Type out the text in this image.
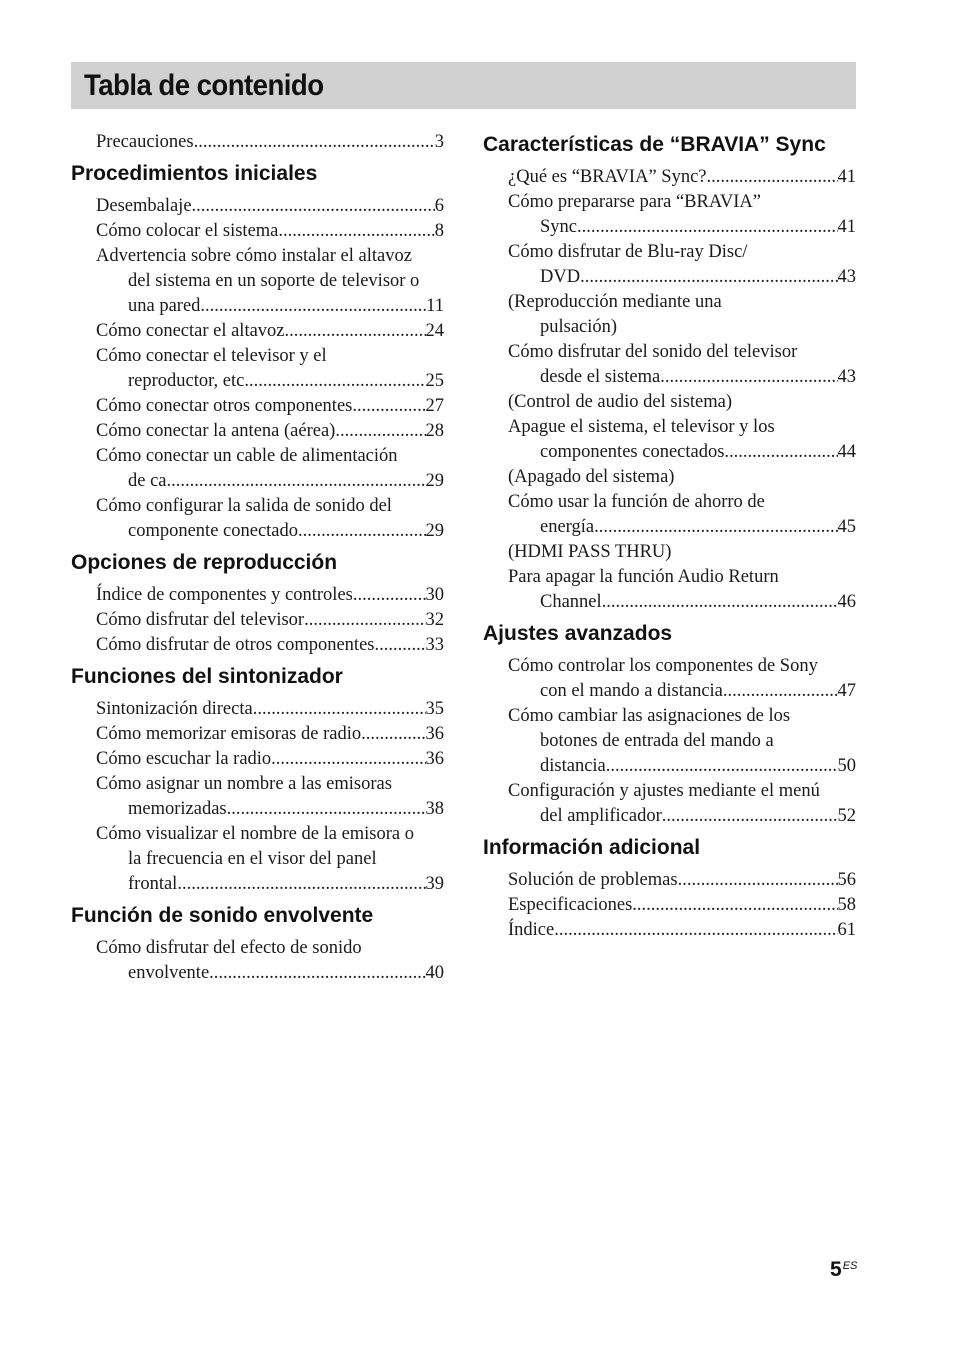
Tabla de contenido
Precauciones .....	3
Procedimientos iniciales
Desembalaje .....	6
Cómo colocar el sistema .....	8
Advertencia sobre cómo instalar el altavoz
del sistema en un soporte de televisor o
una pared .....	11
Cómo conectar el altavoz .....	24
Cómo conectar el televisor y el
reproductor, etc. .....	25
Cómo conectar otros componentes .....	27
Cómo conectar la antena (aérea) .....	28
Cómo conectar un cable de alimentación
de ca .....	29
Cómo configurar la salida de sonido del
componente conectado .....	29
Opciones de reproducción
Índice de componentes y controles .....	30
Cómo disfrutar del televisor .....	32
Cómo disfrutar de otros componentes .....	33
Funciones del sintonizador
Sintonización directa .....	35
Cómo memorizar emisoras de radio .....	36
Cómo escuchar la radio .....	36
Cómo asignar un nombre a las emisoras
memorizadas .....	38
Cómo visualizar el nombre de la emisora o
la frecuencia en el visor del panel
frontal .....	39
Función de sonido envolvente
Cómo disfrutar del efecto de sonido
envolvente .....	40
Características de “BRAVIA” Sync
¿Qué es “BRAVIA” Sync? .....	41
Cómo prepararse para “BRAVIA”
Sync .....	41
Cómo disfrutar de Blu-ray Disc/
DVD .....	43
(Reproducción mediante una
pulsación)
Cómo disfrutar del sonido del televisor
desde el sistema .....	43
(Control de audio del sistema)
Apague el sistema, el televisor y los
componentes conectados .....	44
(Apagado del sistema)
Cómo usar la función de ahorro de
energía .....	45
(HDMI PASS THRU)
Para apagar la función Audio Return
Channel .....	46
Ajustes avanzados
Cómo controlar los componentes de Sony
con el mando a distancia .....	47
Cómo cambiar las asignaciones de los
botones de entrada del mando a
distancia .....	50
Configuración y ajustes mediante el menú
del amplificador .....	52
Información adicional
Solución de problemas .....	56
Especificaciones .....	58
Índice .....	61
$5^{ES}$
